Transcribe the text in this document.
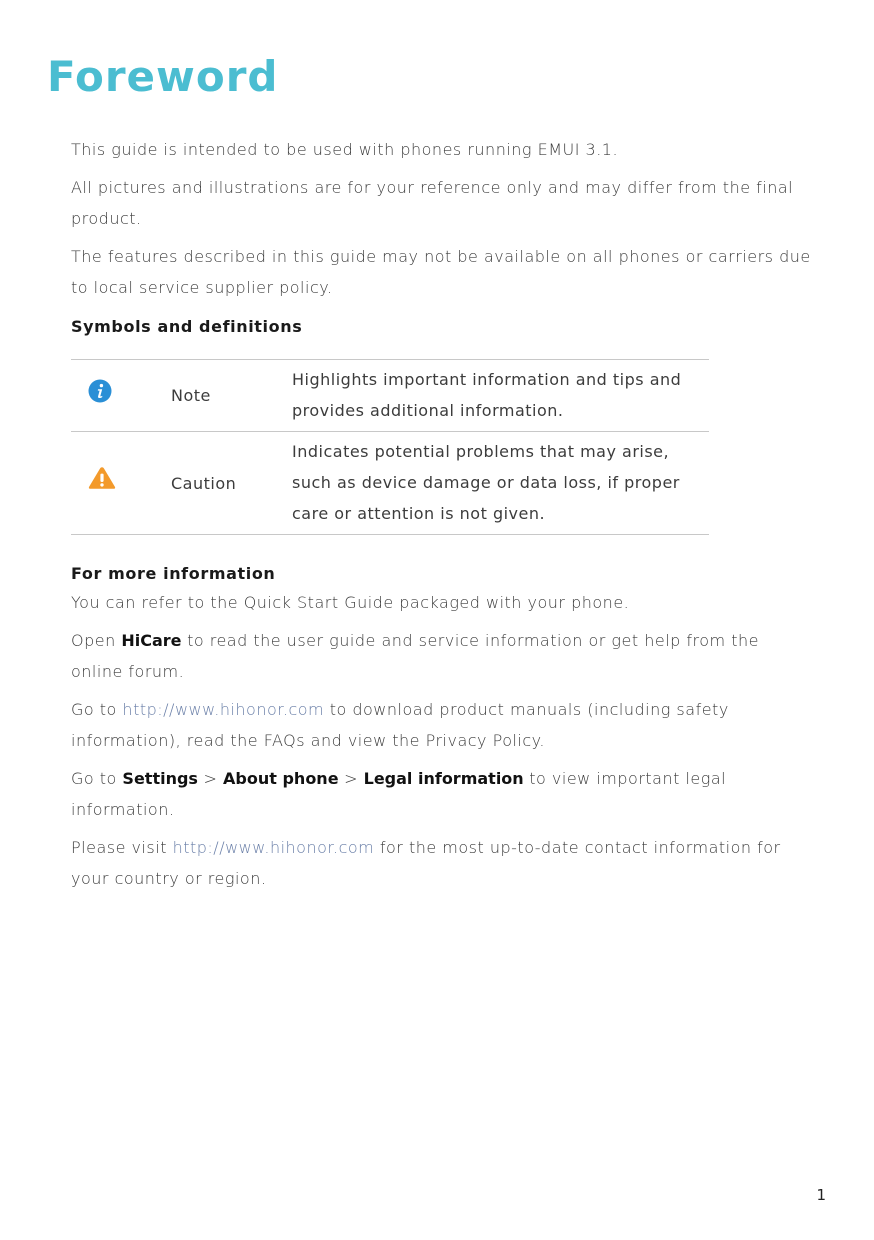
Foreword

This guide is intended to be used with phones running EMUI 3.1.

All pictures and illustrations are for your reference only and may differ from the final product.

The features described in this guide may not be available on all phones or carriers due to local service supplier policy.

Symbols and definitions
	Note	Highlights important information and tips and provides additional information.
	Caution	Indicates potential problems that may arise, such as device damage or data loss, if proper care or attention is not given.
For more information

You can refer to the Quick Start Guide packaged with your phone.

Open HiCare to read the user guide and service information or get help from the online forum.

Go to http://www.hihonor.com to download product manuals (including safety information), read the FAQs and view the Privacy Policy.

Go to Settings > About phone > Legal information to view important legal information.

Please visit http://www.hihonor.com for the most up-to-date contact information for your country or region.

1
